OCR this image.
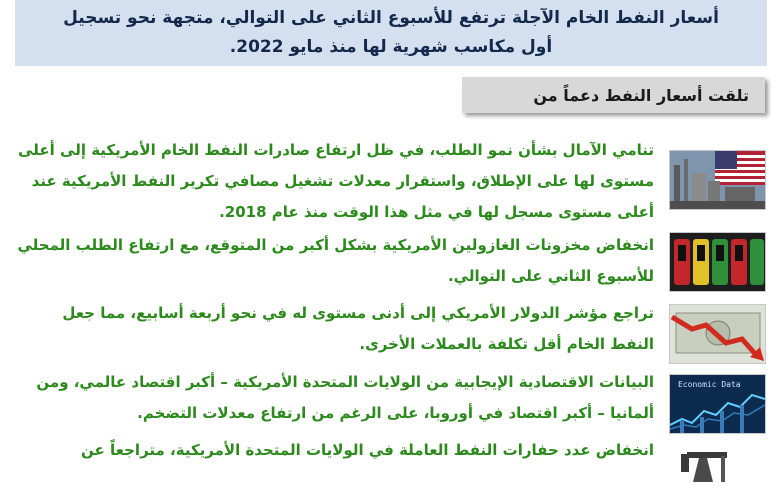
أسعار النفط الخام الآجلة ترتفع للأسبوع الثاني على التوالي، متجهة نحو تسجيل

أول مكاسب شهرية لها منذ مايو 2022.

تلقت أسعار النفط دعماً من

تنامي الآمال بشأن نمو الطلب، في ظل ارتفاع صادرات النفط الخام الأمريكية إلى أعلى مستوى لها على الإطلاق، واستقرار معدلات تشغيل مصافي تكرير النفط الأمريكية عند أعلى مستوى مسجل لها في مثل هذا الوقت منذ عام 2018.

انخفاض مخزونات الغازولين الأمريكية بشكل أكبر من المتوقع، مع ارتفاع الطلب المحلي للأسبوع الثاني على التوالي.

تراجع مؤشر الدولار الأمريكي إلى أدنى مستوى له في نحو أربعة أسابيع، مما جعل النفط الخام أقل تكلفة بالعملات الأخرى.

البيانات الاقتصادية الإيجابية من الولايات المتحدة الأمريكية – أكبر اقتصاد عالمي، ومن ألمانيا – أكبر اقتصاد في أوروبا، على الرغم من ارتفاع معدلات التضخم.

Economic Data

انخفاض عدد حفارات النفط العاملة في الولايات المتحدة الأمريكية، متراجعاً عن
